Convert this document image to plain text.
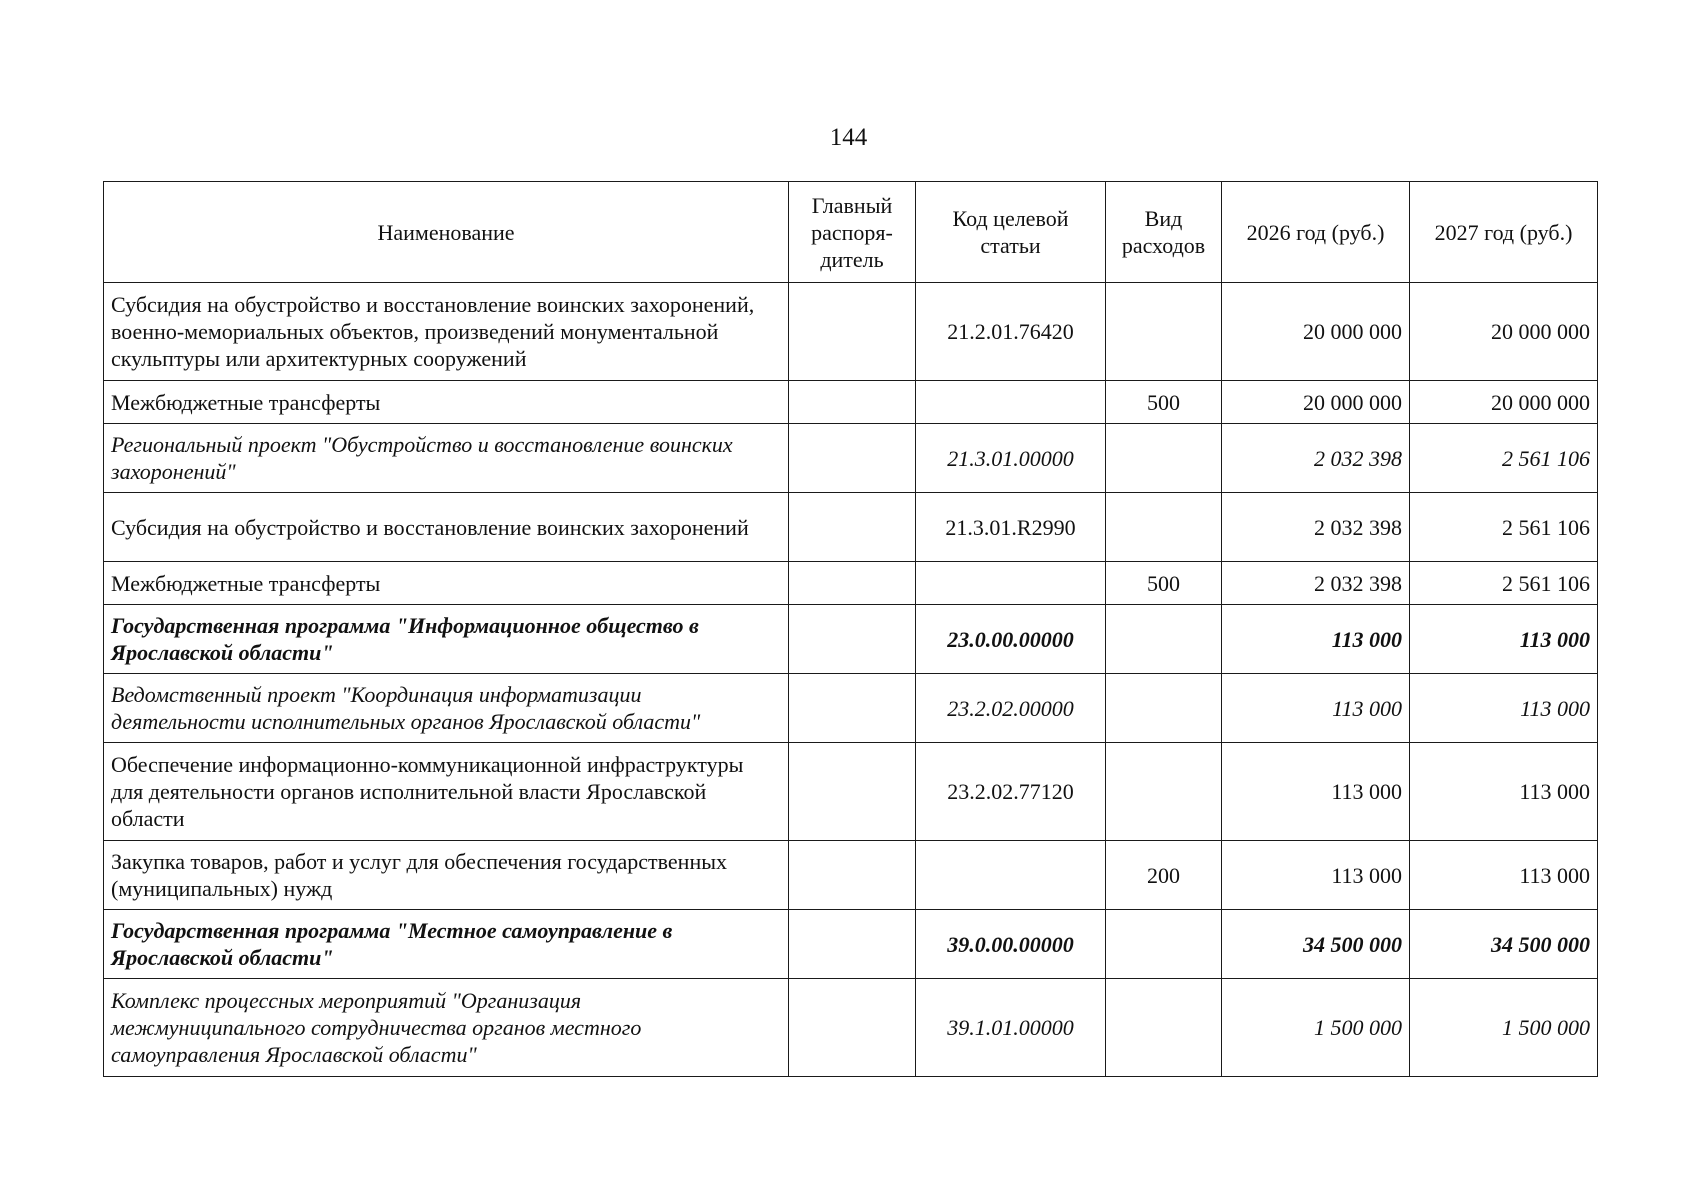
144
Наименование	Главный распоря-дитель	Код целевой статьи	Вид расходов	2026 год (руб.)	2027 год (руб.)
Субсидия на обустройство и восстановление воинских захоронений, военно-мемориальных объектов, произведений монументальной скульптуры или архитектурных сооружений		21.2.01.76420		20 000 000	20 000 000
Межбюджетные трансферты			500	20 000 000	20 000 000
Региональный проект "Обустройство и восстановление воинских захоронений"		21.3.01.00000		2 032 398	2 561 106
Субсидия на обустройство и восстановление воинских захоронений		21.3.01.R2990		2 032 398	2 561 106
Межбюджетные трансферты			500	2 032 398	2 561 106
Государственная программа "Информационное общество в Ярославской области"		23.0.00.00000		113 000	113 000
Ведомственный проект "Координация информатизации деятельности исполнительных органов Ярославской области"		23.2.02.00000		113 000	113 000
Обеспечение информационно-коммуникационной инфраструктуры для деятельности органов исполнительной власти Ярославской области		23.2.02.77120		113 000	113 000
Закупка товаров, работ и услуг для обеспечения государственных (муниципальных) нужд			200	113 000	113 000
Государственная программа "Местное самоуправление в Ярославской области"		39.0.00.00000		34 500 000	34 500 000
Комплекс процессных мероприятий "Организация межмуниципального сотрудничества органов местного самоуправления Ярославской области"		39.1.01.00000		1 500 000	1 500 000
